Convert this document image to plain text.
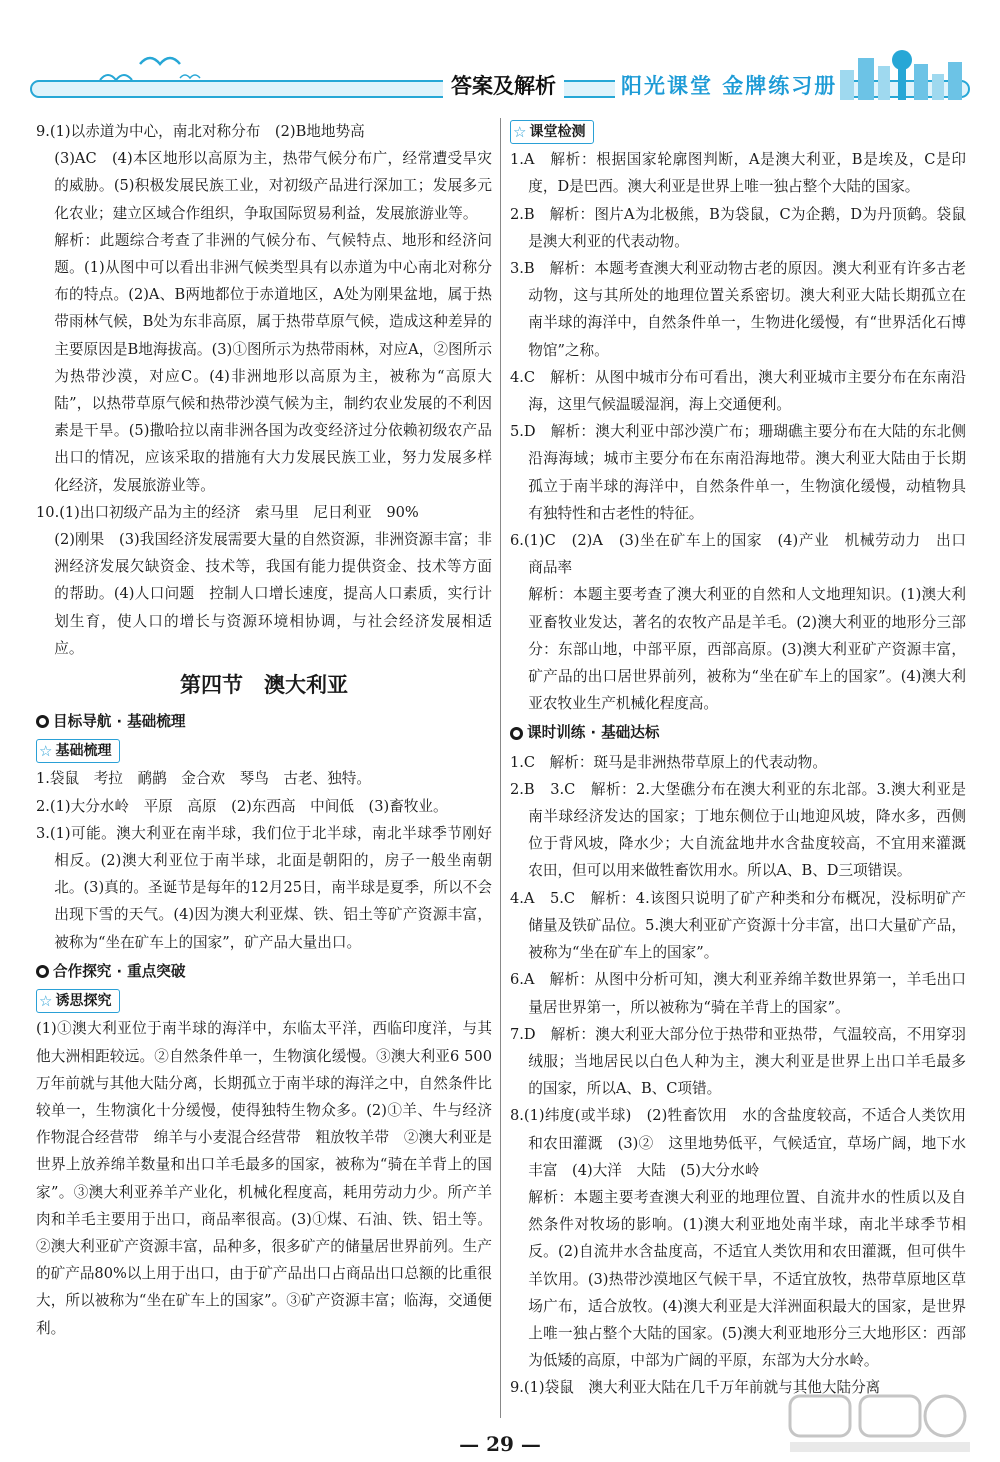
答案及解析	阳光课堂 金牌练习册

9.(1)以赤道为中心，南北对称分布　(2)B地地势高

(3)AC　(4)本区地形以高原为主，热带气候分布广，经常遭受旱灾的威胁。(5)积极发展民族工业，对初级产品进行深加工；发展多元化农业；建立区域合作组织，争取国际贸易利益，发展旅游业等。

解析：此题综合考查了非洲的气候分布、气候特点、地形和经济问题。(1)从图中可以看出非洲气候类型具有以赤道为中心南北对称分布的特点。(2)A、B两地都位于赤道地区，A处为刚果盆地，属于热带雨林气候，B处为东非高原，属于热带草原气候，造成这种差异的主要原因是B地海拔高。(3)①图所示为热带雨林，对应A，②图所示为热带沙漠，对应C。(4)非洲地形以高原为主，被称为“高原大陆”，以热带草原气候和热带沙漠气候为主，制约农业发展的不利因素是干旱。(5)撒哈拉以南非洲各国为改变经济过分依赖初级农产品出口的情况，应该采取的措施有大力发展民族工业，努力发展多样化经济，发展旅游业等。

10.(1)出口初级产品为主的经济　索马里　尼日利亚　90%

(2)刚果　(3)我国经济发展需要大量的自然资源，非洲资源丰富；非洲经济发展欠缺资金、技术等，我国有能力提供资金、技术等方面的帮助。(4)人口问题　控制人口增长速度，提高人口素质，实行计划生育，使人口的增长与资源环境相协调，与社会经济发展相适应。

第四节　澳大利亚
目标导航 · 基础梳理
☆ 基础梳理

1.袋鼠　考拉　鸸鹋　金合欢　琴鸟　古老、独特。

2.(1)大分水岭　平原　高原　(2)东西高　中间低　(3)畜牧业。

3.(1)可能。澳大利亚在南半球，我们位于北半球，南北半球季节刚好相反。(2)澳大利亚位于南半球，北面是朝阳的，房子一般坐南朝北。(3)真的。圣诞节是每年的12月25日，南半球是夏季，所以不会出现下雪的天气。(4)因为澳大利亚煤、铁、铝土等矿产资源丰富，被称为“坐在矿车上的国家”，矿产品大量出口。

合作探究 · 重点突破
☆ 诱思探究

(1)①澳大利亚位于南半球的海洋中，东临太平洋，西临印度洋，与其他大洲相距较远。②自然条件单一，生物演化缓慢。③澳大利亚6 500万年前就与其他大陆分离，长期孤立于南半球的海洋之中，自然条件比较单一，生物演化十分缓慢，使得独特生物众多。(2)①羊、牛与经济作物混合经营带　绵羊与小麦混合经营带　粗放牧羊带　②澳大利亚是世界上放养绵羊数量和出口羊毛最多的国家，被称为“骑在羊背上的国家”。③澳大利亚养羊产业化，机械化程度高，耗用劳动力少。所产羊肉和羊毛主要用于出口，商品率很高。(3)①煤、石油、铁、铝土等。②澳大利亚矿产资源丰富，品种多，很多矿产的储量居世界前列。生产的矿产品80%以上用于出口，由于矿产品出口占商品出口总额的比重很大，所以被称为“坐在矿车上的国家”。③矿产资源丰富；临海，交通便利。

☆ 课堂检测

1.A　解析：根据国家轮廓图判断，A是澳大利亚，B是埃及，C是印度，D是巴西。澳大利亚是世界上唯一独占整个大陆的国家。

2.B　解析：图片A为北极熊，B为袋鼠，C为企鹅，D为丹顶鹤。袋鼠是澳大利亚的代表动物。

3.B　解析：本题考查澳大利亚动物古老的原因。澳大利亚有许多古老动物，这与其所处的地理位置关系密切。澳大利亚大陆长期孤立在南半球的海洋中，自然条件单一，生物进化缓慢，有“世界活化石博物馆”之称。

4.C　解析：从图中城市分布可看出，澳大利亚城市主要分布在东南沿海，这里气候温暖湿润，海上交通便利。

5.D　解析：澳大利亚中部沙漠广布；珊瑚礁主要分布在大陆的东北侧沿海海域；城市主要分布在东南沿海地带。澳大利亚大陆由于长期孤立于南半球的海洋中，自然条件单一，生物演化缓慢，动植物具有独特性和古老性的特征。

6.(1)C　(2)A　(3)坐在矿车上的国家　(4)产业　机械劳动力　出口　商品率

解析：本题主要考查了澳大利亚的自然和人文地理知识。(1)澳大利亚畜牧业发达，著名的农牧产品是羊毛。(2)澳大利亚的地形分三部分：东部山地，中部平原，西部高原。(3)澳大利亚矿产资源丰富，矿产品的出口居世界前列，被称为“坐在矿车上的国家”。(4)澳大利亚农牧业生产机械化程度高。

课时训练 · 基础达标

1.C　解析：斑马是非洲热带草原上的代表动物。

2.B　3.C　解析：2.大堡礁分布在澳大利亚的东北部。3.澳大利亚是南半球经济发达的国家；丁地东侧位于山地迎风坡，降水多，西侧位于背风坡，降水少；大自流盆地井水含盐度较高，不宜用来灌溉农田，但可以用来做牲畜饮用水。所以A、B、D三项错误。

4.A　5.C　解析：4.该图只说明了矿产种类和分布概况，没标明矿产储量及铁矿品位。5.澳大利亚矿产资源十分丰富，出口大量矿产品，被称为“坐在矿车上的国家”。

6.A　解析：从图中分析可知，澳大利亚养绵羊数世界第一，羊毛出口量居世界第一，所以被称为“骑在羊背上的国家”。

7.D　解析：澳大利亚大部分位于热带和亚热带，气温较高，不用穿羽绒服；当地居民以白色人种为主，澳大利亚是世界上出口羊毛最多的国家，所以A、B、C项错。

8.(1)纬度(或半球)　(2)牲畜饮用　水的含盐度较高，不适合人类饮用和农田灌溉　(3)②　这里地势低平，气候适宜，草场广阔，地下水丰富　(4)大洋　大陆　(5)大分水岭

解析：本题主要考查澳大利亚的地理位置、自流井水的性质以及自然条件对牧场的影响。(1)澳大利亚地处南半球，南北半球季节相反。(2)自流井水含盐度高，不适宜人类饮用和农田灌溉，但可供牛羊饮用。(3)热带沙漠地区气候干旱，不适宜放牧，热带草原地区草场广布，适合放牧。(4)澳大利亚是大洋洲面积最大的国家，是世界上唯一独占整个大陆的国家。(5)澳大利亚地形分三大地形区：西部为低矮的高原，中部为广阔的平原，东部为大分水岭。

9.(1)袋鼠　澳大利亚大陆在几千万年前就与其他大陆分离

— 29 —
